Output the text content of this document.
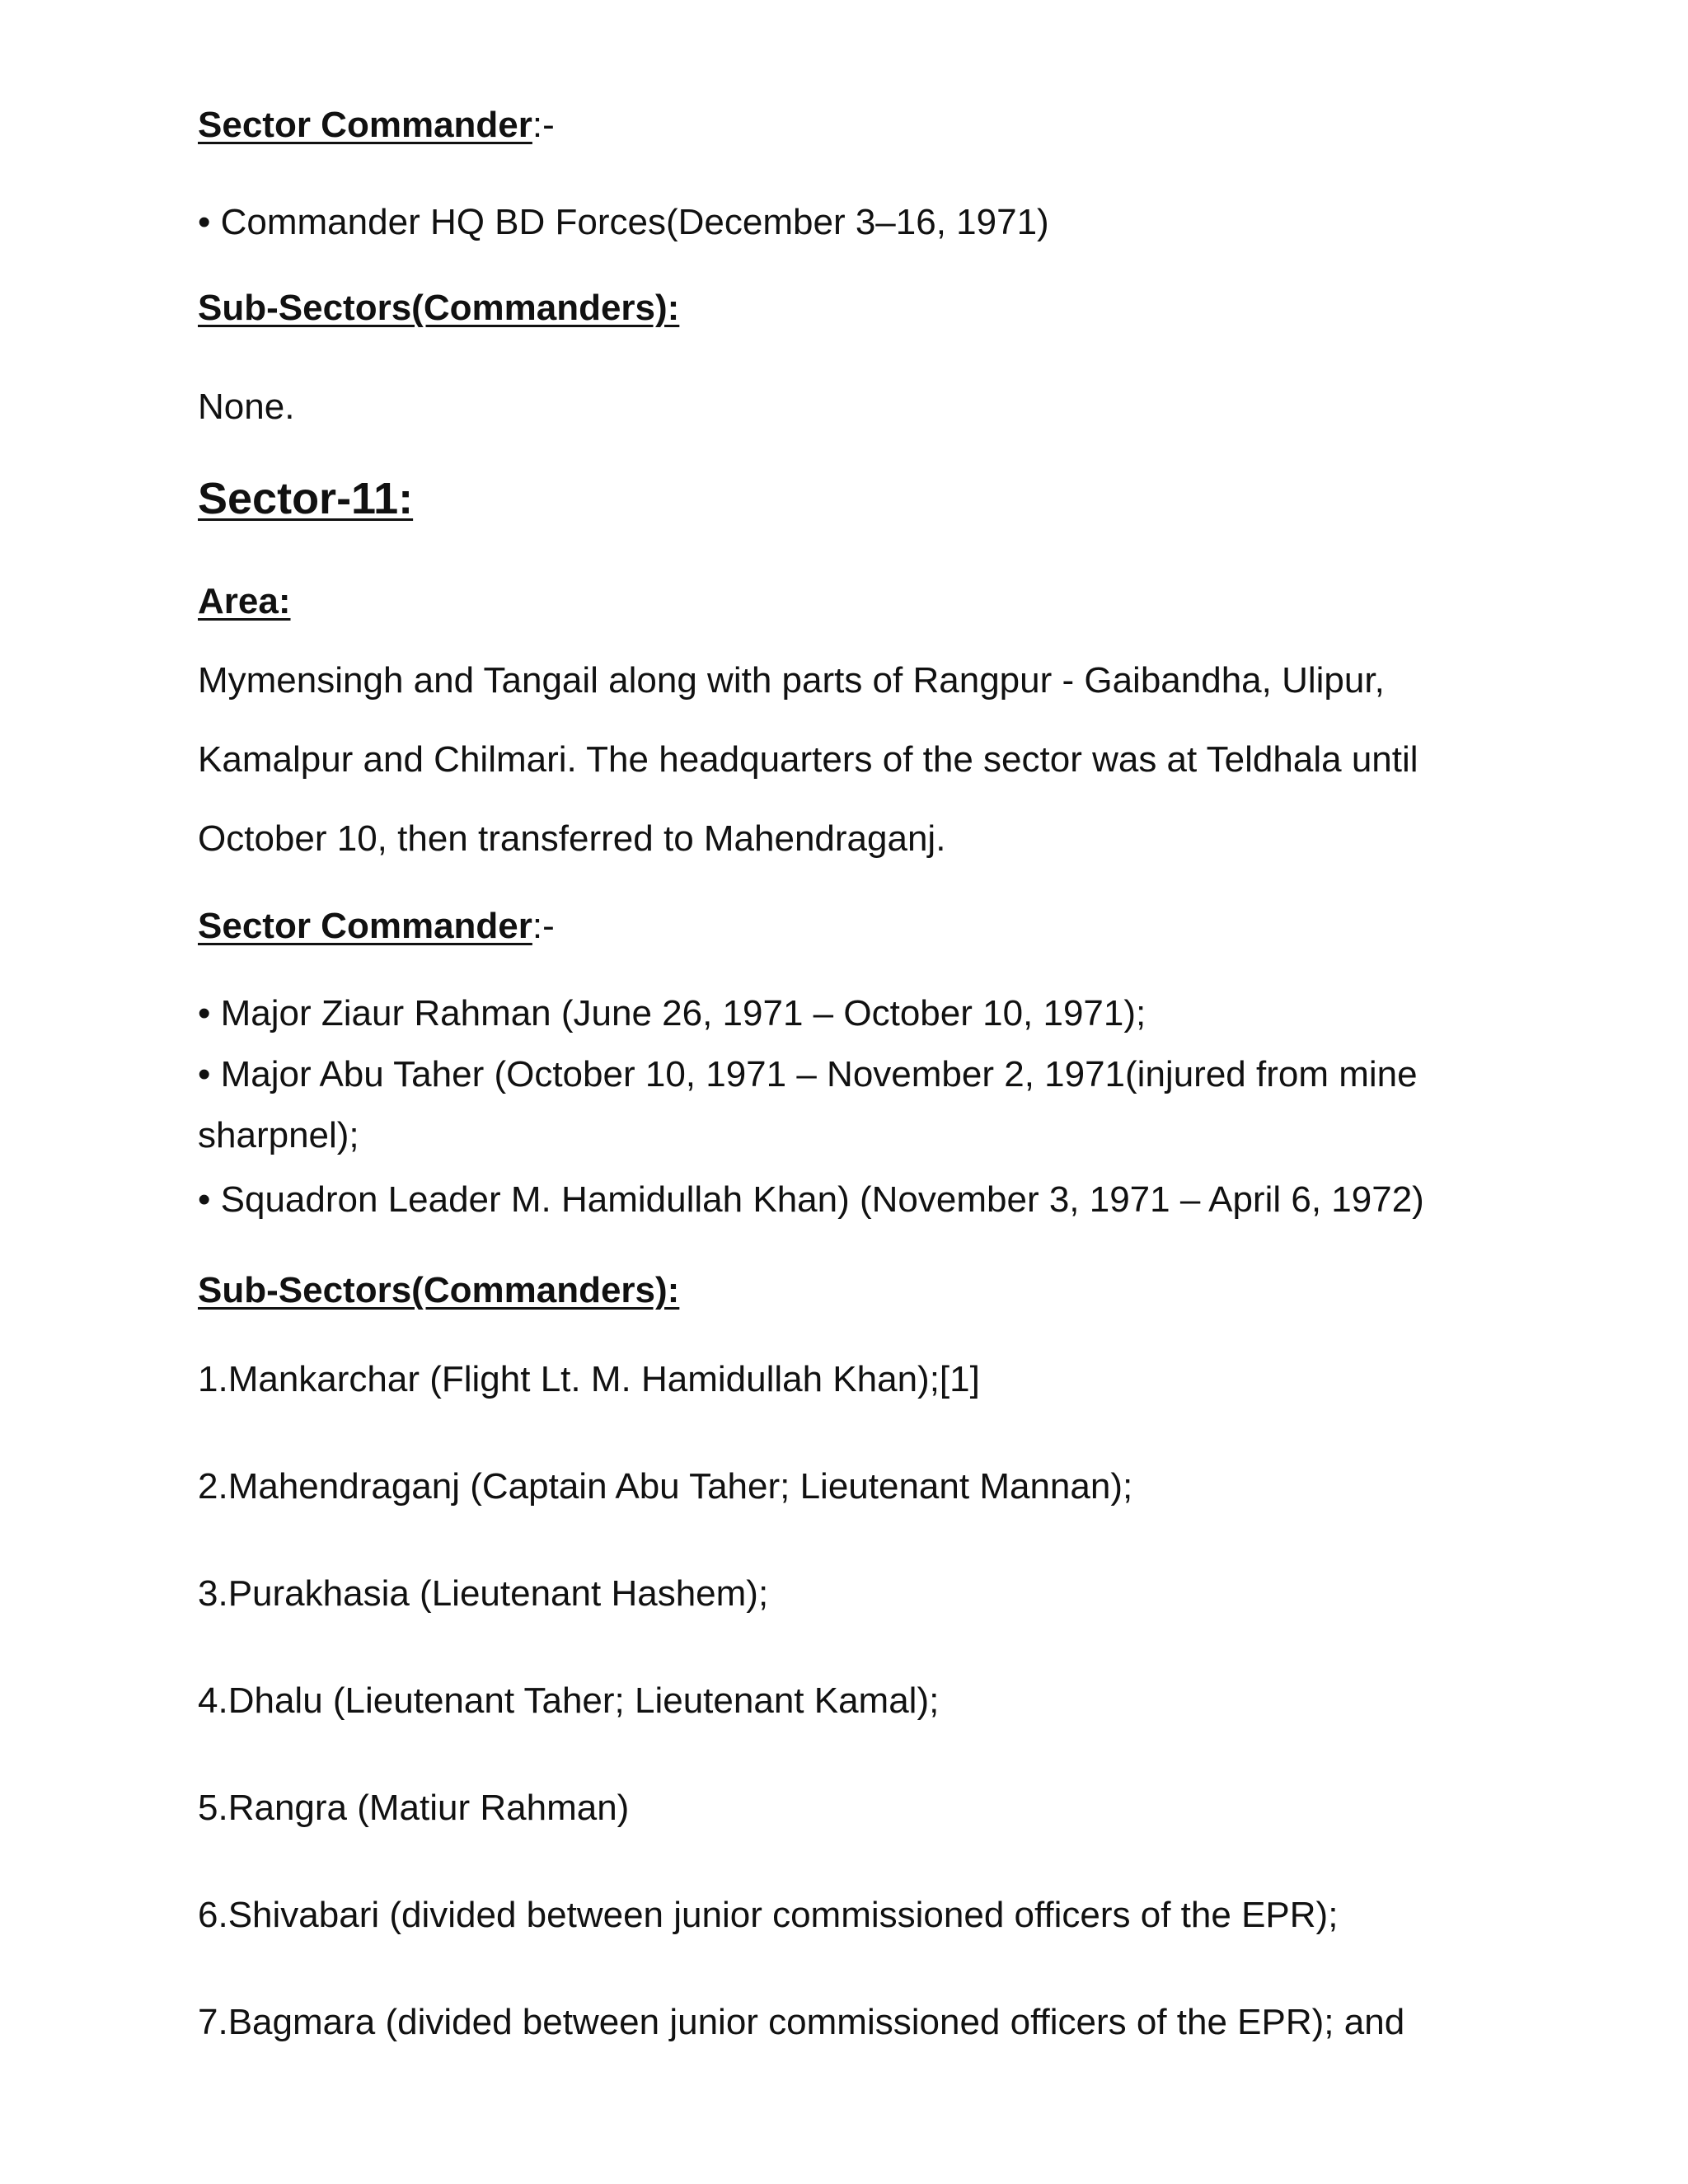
Sector Commander:-
• Commander HQ BD Forces(December 3–16, 1971)
Sub-Sectors(Commanders):
None.
Sector-11:
Area:
Mymensingh and Tangail along with parts of Rangpur - Gaibandha, Ulipur,
Kamalpur and Chilmari. The headquarters of the sector was at Teldhala until
October 10, then transferred to Mahendraganj.
Sector Commander:-
• Major Ziaur Rahman (June 26, 1971 – October 10, 1971);
• Major Abu Taher (October 10, 1971 – November 2, 1971(injured from mine
sharpnel);
• Squadron Leader M. Hamidullah Khan) (November 3, 1971 – April 6, 1972)
Sub-Sectors(Commanders):
1.Mankarchar (Flight Lt. M. Hamidullah Khan);[1]
2.Mahendraganj (Captain Abu Taher; Lieutenant Mannan);
3.Purakhasia (Lieutenant Hashem);
4.Dhalu (Lieutenant Taher; Lieutenant Kamal);
5.Rangra (Matiur Rahman)
6.Shivabari (divided between junior commissioned officers of the EPR);
7.Bagmara (divided between junior commissioned officers of the EPR); and
